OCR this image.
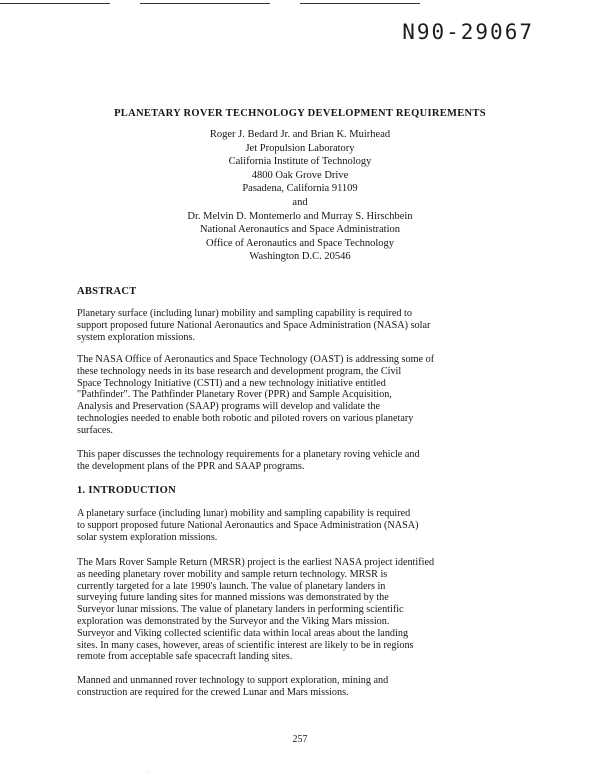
N90-29067
PLANETARY ROVER TECHNOLOGY DEVELOPMENT REQUIREMENTS
Roger J. Bedard Jr. and Brian K. Muirhead
Jet Propulsion Laboratory
California Institute of Technology
4800 Oak Grove Drive
Pasadena, California 91109
and
Dr. Melvin D. Montemerlo and Murray S. Hirschbein
National Aeronautics and Space Administration
Office of Aeronautics and Space Technology
Washington D.C. 20546
ABSTRACT

Planetary surface (including lunar) mobility and sampling capability is required to
support proposed future National Aeronautics and Space Administration (NASA) solar
system exploration missions.

The NASA Office of Aeronautics and Space Technology (OAST) is addressing some of
these technology needs in its base research and development program, the Civil
Space Technology Initiative (CSTI) and a new technology initiative entitled
"Pathfinder". The Pathfinder Planetary Rover (PPR) and Sample Acquisition,
Analysis and Preservation (SAAP) programs will develop and validate the
technologies needed to enable both robotic and piloted rovers on various planetary
surfaces.

This paper discusses the technology requirements for a planetary roving vehicle and
the development plans of the PPR and SAAP programs.

1. INTRODUCTION

A planetary surface (including lunar) mobility and sampling capability is required
to support proposed future National Aeronautics and Space Administration (NASA)
solar system exploration missions.

The Mars Rover Sample Return (MRSR) project is the earliest NASA project identified
as needing planetary rover mobility and sample return technology. MRSR is
currently targeted for a late 1990's launch. The value of planetary landers in
surveying future landing sites for manned missions was demonstrated by the
Surveyor lunar missions. The value of planetary landers in performing scientific
exploration was demonstrated by the Surveyor and the Viking Mars mission.
Surveyor and Viking collected scientific data within local areas about the landing
sites. In many cases, however, areas of scientific interest are likely to be in regions
remote from acceptable safe spacecraft landing sites.

Manned and unmanned rover technology to support exploration, mining and
construction are required for the crewed Lunar and Mars missions.

257
·
